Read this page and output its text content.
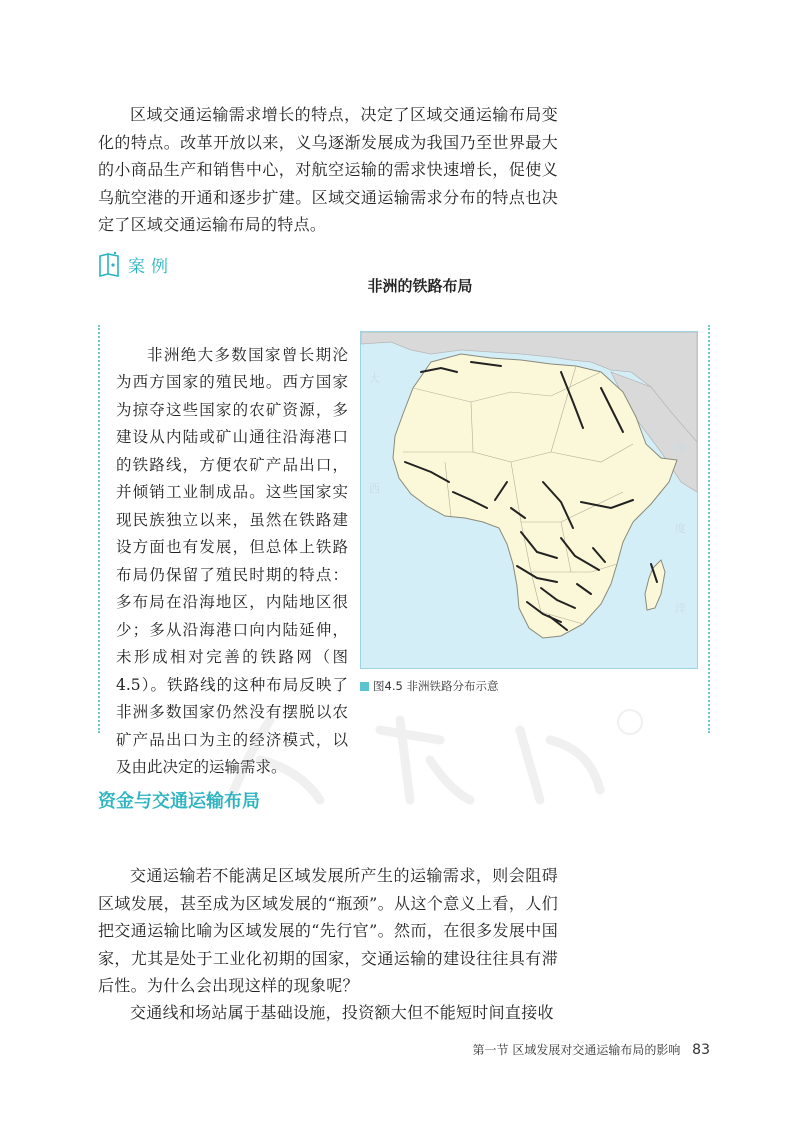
区域交通运输需求增长的特点，决定了区域交通运输布局变化的特点。改革开放以来，义乌逐渐发展成为我国乃至世界最大的小商品生产和销售中心，对航空运输的需求快速增长，促使义乌航空港的开通和逐步扩建。区域交通运输需求分布的特点也决定了区域交通运输布局的特点。

案例
非洲的铁路布局

非洲绝大多数国家曾长期沦为西方国家的殖民地。西方国家为掠夺这些国家的农矿资源，多建设从内陆或矿山通往沿海港口的铁路线，方便农矿产品出口，并倾销工业制成品。这些国家实现民族独立以来，虽然在铁路建设方面也有发展，但总体上铁路布局仍保留了殖民时期的特点：多布局在沿海地区，内陆地区很少；多从沿海港口向内陆延伸，未形成相对完善的铁路网（图4.5）。铁路线的这种布局反映了非洲多数国家仍然没有摆脱以农矿产品出口为主的经济模式，以及由此决定的运输需求。

大
西
印
度
洋
图4.5 非洲铁路分布示意
资金与交通运输布局

交通运输若不能满足区域发展所产生的运输需求，则会阻碍区域发展，甚至成为区域发展的“瓶颈”。从这个意义上看，人们把交通运输比喻为区域发展的“先行官”。然而，在很多发展中国家，尤其是处于工业化初期的国家，交通运输的建设往往具有滞后性。为什么会出现这样的现象呢？

交通线和场站属于基础设施，投资额大但不能短时间直接收

第一节 区域发展对交通运输布局的影响 83
